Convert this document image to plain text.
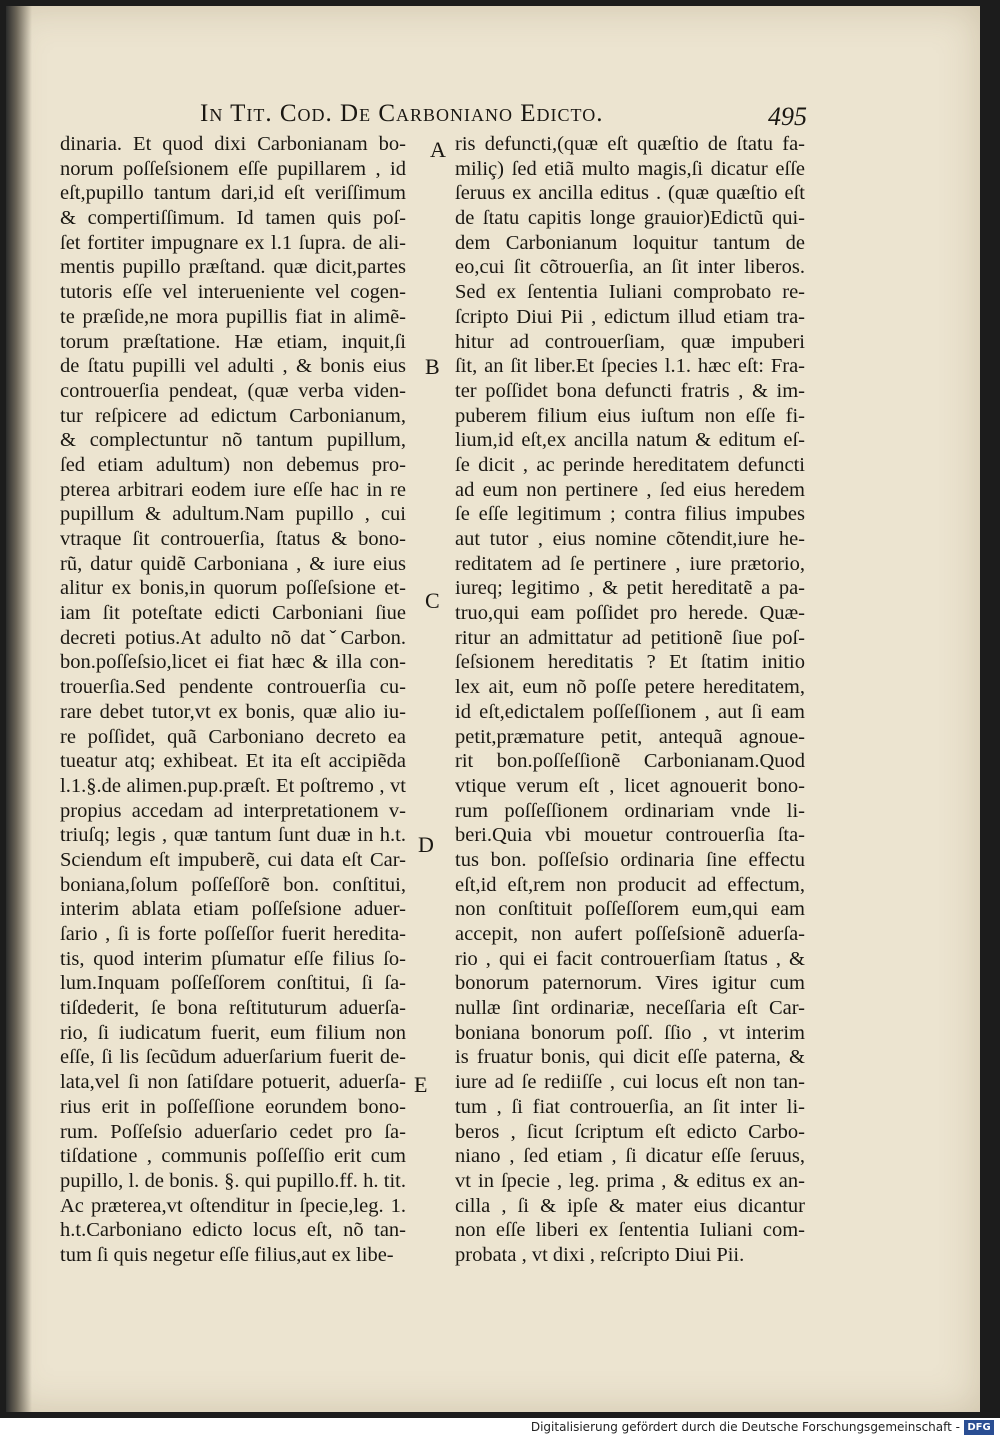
In Tit. Cod. De Carboniano Edicto.	495
dinaria. Et quod dixi Carbonianam bo-
norum poſſeſsionem eſſe pupillarem , id
eſt,pupillo tantum dari,id eſt veriſſimum
& compertiſſimum. Id tamen quis poſ-
ſet fortiter impugnare ex l.1 ſupra. de ali-
mentis pupillo præſtand. quæ dicit,partes
tutoris eſſe vel interueniente vel cogen-
te præſide,ne mora pupillis fiat in alimẽ-
torum præſtatione. Hæ etiam, inquit,ſi
de ſtatu pupilli vel adulti , & bonis eius
controuerſia pendeat, (quæ verba viden-
tur reſpicere ad edictum Carbonianum,
& complectuntur nõ tantum pupillum,
ſed etiam adultum) non debemus pro-
pterea arbitrari eodem iure eſſe hac in re
pupillum & adultum.Nam pupillo , cui
vtraque ſit controuerſia, ſtatus & bono-
rũ, datur quidẽ Carboniana , & iure eius
alitur ex bonis,in quorum poſſeſsione et-
iam ſit poteſtate edicti Carboniani ſiue
decreti potius.At adulto nõ datˇCarbon.
bon.poſſeſsio,licet ei fiat hæc & illa con-
trouerſia.Sed pendente controuerſia cu-
rare debet tutor,vt ex bonis, quæ alio iu-
re poſſidet, quã Carboniano decreto ea
tueatur atq; exhibeat. Et ita eſt accipiẽda
l.1.§.de alimen.pup.præſt. Et poſtremo , vt
propius accedam ad interpretationem v-
triuſq; legis , quæ tantum ſunt duæ in h.t.
Sciendum eſt impuberẽ, cui data eſt Car-
boniana,ſolum poſſeſſorẽ bon. conſtitui,
interim ablata etiam poſſeſsione aduer-
ſario , ſi is forte poſſeſſor fuerit heredita-
tis, quod interim pſumatur eſſe filius ſo-
lum.Inquam poſſeſſorem conſtitui, ſi ſa-
tiſdederit, ſe bona reſtituturum aduerſa-
rio, ſi iudicatum fuerit, eum filium non
eſſe, ſi lis ſecũdum aduerſarium fuerit de-
lata,vel ſi non ſatiſdare potuerit, aduerſa-
rius erit in poſſeſſione eorundem bono-
rum. Poſſeſsio aduerſario cedet pro ſa-
tiſdatione , communis poſſeſſio erit cum
pupillo, l. de bonis. §. qui pupillo.ff. h. tit.
Ac præterea,vt oſtenditur in ſpecie,leg. 1.
h.t.Carboniano edicto locus eſt, nõ tan-
tum ſi quis negetur eſſe filius,aut ex libe-
ris defuncti,(quæ eſt quæſtio de ſtatu fa-
miliç) ſed etiã multo magis,ſi dicatur eſſe
ſeruus ex ancilla editus . (quæ quæſtio eſt
de ſtatu capitis longe grauior)Edictũ qui-
dem Carbonianum loquitur tantum de
eo,cui ſit cõtrouerſia, an ſit inter liberos.
Sed ex ſententia Iuliani comprobato re-
ſcripto Diui Pii , edictum illud etiam tra-
hitur ad controuerſiam, quæ impuberi
ſit, an ſit liber.Et ſpecies l.1. hæc eſt: Fra-
ter poſſidet bona defuncti fratris , & im-
puberem filium eius iuſtum non eſſe fi-
lium,id eſt,ex ancilla natum & editum eſ-
ſe dicit , ac perinde hereditatem defuncti
ad eum non pertinere , ſed eius heredem
ſe eſſe legitimum ; contra filius impubes
aut tutor , eius nomine cõtendit,iure he-
reditatem ad ſe pertinere , iure prætorio,
iureq; legitimo , & petit hereditatẽ a pa-
truo,qui eam poſſidet pro herede. Quæ-
ritur an admittatur ad petitionẽ ſiue poſ-
ſeſsionem hereditatis ? Et ſtatim initio
lex ait, eum nõ poſſe petere hereditatem,
id eſt,edictalem poſſeſſionem , aut ſi eam
petit,præmature petit, antequã agnoue-
rit bon.poſſeſſionẽ Carbonianam.Quod
vtique verum eſt , licet agnouerit bono-
rum poſſeſſionem ordinariam vnde li-
beri.Quia vbi mouetur controuerſia ſta-
tus bon. poſſeſsio ordinaria ſine effectu
eſt,id eſt,rem non producit ad effectum,
non conſtituit poſſeſſorem eum,qui eam
accepit, non aufert poſſeſsionẽ aduerſa-
rio , qui ei facit controuerſiam ſtatus , &
bonorum paternorum. Vires igitur cum
nullæ ſint ordinariæ, neceſſaria eſt Car-
boniana bonorum poſſ. ſſio , vt interim
is fruatur bonis, qui dicit eſſe paterna, &
iure ad ſe rediiſſe , cui locus eſt non tan-
tum , ſi fiat controuerſia, an ſit inter li-
beros , ſicut ſcriptum eſt edicto Carbo-
niano , ſed etiam , ſi dicatur eſſe ſeruus,
vt in ſpecie , leg. prima , & editus ex an-
cilla , ſi & ipſe & mater eius dicantur
non eſſe liberi ex ſententia Iuliani com-
probata , vt dixi , reſcripto Diui Pii.
A
B
C
D
E
Digitalisierung gefördert durch die Deutsche Forschungsgemeinschaft - DFG
